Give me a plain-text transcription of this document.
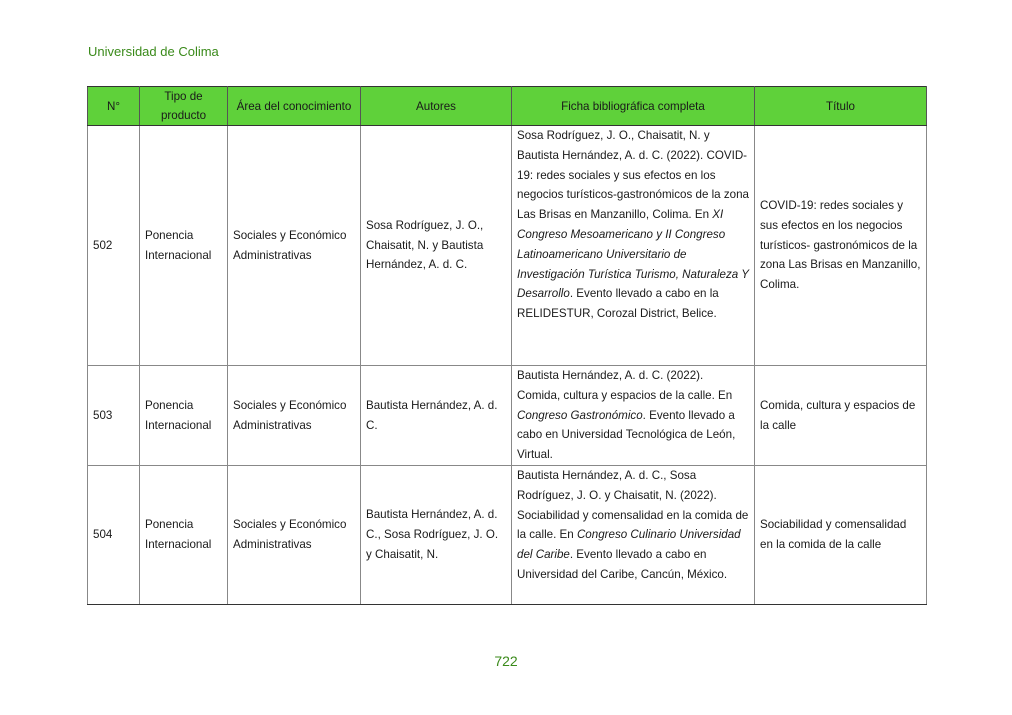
Universidad de Colima
N°	Tipo de producto	Área del conocimiento	Autores	Ficha bibliográfica completa	Título
502	Ponencia Internacional	Sociales y Económico Administrativas	Sosa Rodríguez, J. O., Chaisatit, N. y Bautista Hernández, A. d. C.	Sosa Rodríguez, J. O., Chaisatit, N. y Bautista Hernández, A. d. C. (2022). COVID-19: redes sociales y sus efectos en los negocios turísticos-gastronómicos de la zona Las Brisas en Manzanillo, Colima. En XI Congreso Mesoamericano y II Congreso Latinoamericano Universitario de Investigación Turística Turismo, Naturaleza Y Desarrollo. Evento llevado a cabo en la RELIDESTUR, Corozal District, Belice.	COVID-19: redes sociales y sus efectos en los negocios turísticos- gastronómicos de la zona Las Brisas en Manzanillo, Colima.
503	Ponencia Internacional	Sociales y Económico Administrativas	Bautista Hernández, A. d. C.	Bautista Hernández, A. d. C. (2022). Comida, cultura y espacios de la calle. En Congreso Gastronómico. Evento llevado a cabo en Universidad Tecnológica de León, Virtual.	Comida, cultura y espacios de la calle
504	Ponencia Internacional	Sociales y Económico Administrativas	Bautista Hernández, A. d. C., Sosa Rodríguez, J. O. y Chaisatit, N.	Bautista Hernández, A. d. C., Sosa Rodríguez, J. O. y Chaisatit, N. (2022). Sociabilidad y comensalidad en la comida de la calle. En Congreso Culinario Universidad del Caribe. Evento llevado a cabo en Universidad del Caribe, Cancún, México.	Sociabilidad y comensalidad en la comida de la calle
722
